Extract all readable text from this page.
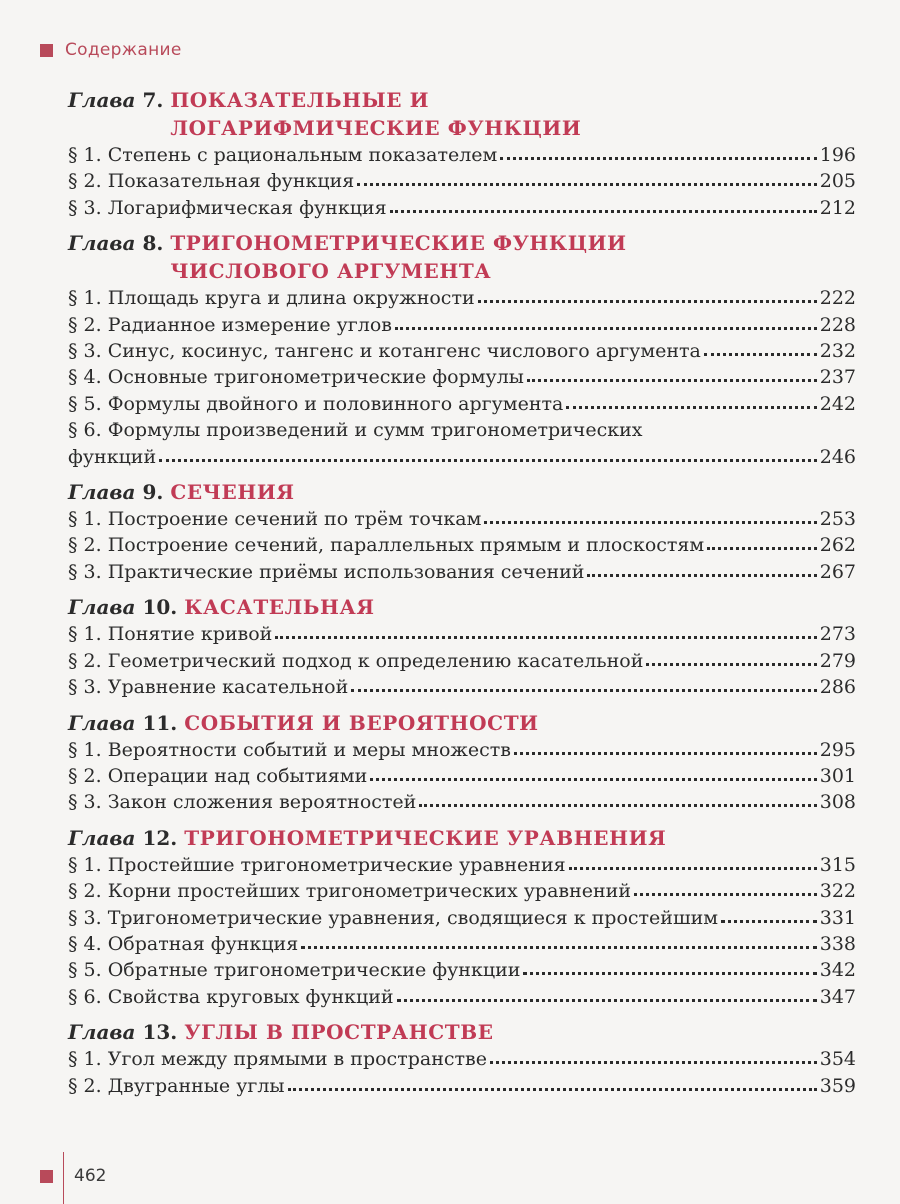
Содержание
Глава 7. ПОКАЗАТЕЛЬНЫЕ И
ЛОГАРИФМИЧЕСКИЕ ФУНКЦИИ
§ 1. Степень с рациональным показателем	196
§ 2. Показательная функция	205
§ 3. Логарифмическая функция	212
Глава 8. ТРИГОНОМЕТРИЧЕСКИЕ ФУНКЦИИ
ЧИСЛОВОГО АРГУМЕНТА
§ 1. Площадь круга и длина окружности	222
§ 2. Радианное измерение углов	228
§ 3. Синус, косинус, тангенс и котангенс числового аргумента	232
§ 4. Основные тригонометрические формулы	237
§ 5. Формулы двойного и половинного аргумента	242
§ 6. Формулы произведений и сумм тригонометрических
функций	246
Глава 9. СЕЧЕНИЯ
§ 1. Построение сечений по трём точкам	253
§ 2. Построение сечений, параллельных прямым и плоскостям	262
§ 3. Практические приёмы использования сечений	267
Глава 10. КАСАТЕЛЬНАЯ
§ 1. Понятие кривой	273
§ 2. Геометрический подход к определению касательной	279
§ 3. Уравнение касательной	286
Глава 11. СОБЫТИЯ И ВЕРОЯТНОСТИ
§ 1. Вероятности событий и меры множеств	295
§ 2. Операции над событиями	301
§ 3. Закон сложения вероятностей	308
Глава 12. ТРИГОНОМЕТРИЧЕСКИЕ УРАВНЕНИЯ
§ 1. Простейшие тригонометрические уравнения	315
§ 2. Корни простейших тригонометрических уравнений	322
§ 3. Тригонометрические уравнения, сводящиеся к простейшим	331
§ 4. Обратная функция	338
§ 5. Обратные тригонометрические функции	342
§ 6. Свойства круговых функций	347
Глава 13. УГЛЫ В ПРОСТРАНСТВЕ
§ 1. Угол между прямыми в пространстве	354
§ 2. Двугранные углы	359
462
